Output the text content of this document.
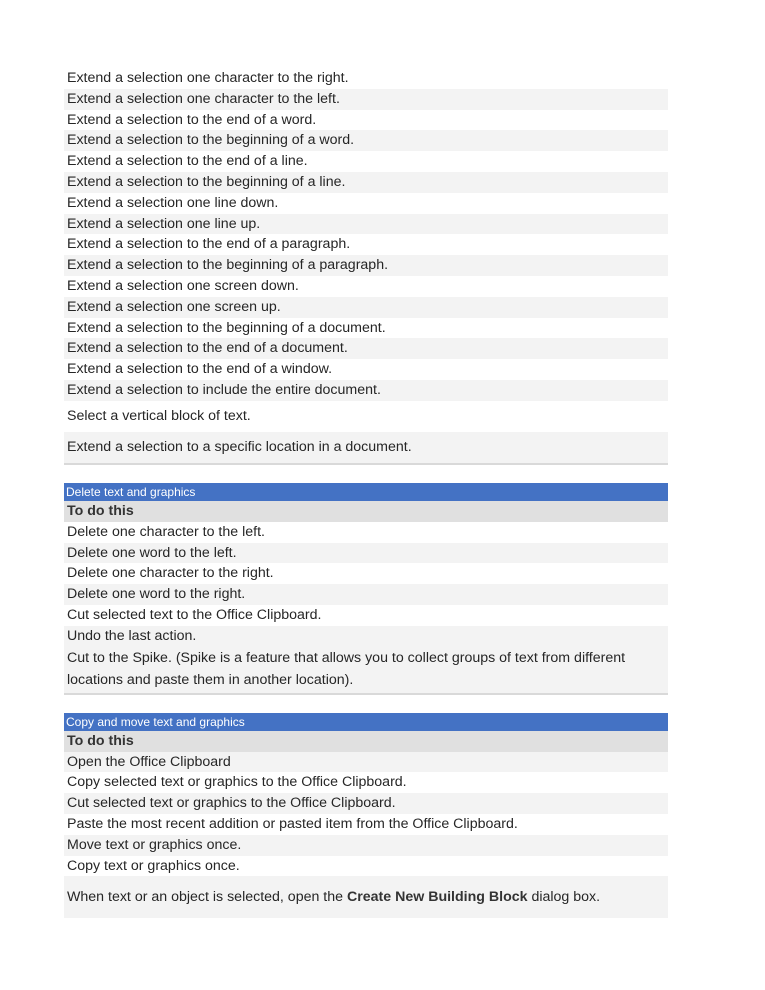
Extend a selection one character to the right.
Extend a selection one character to the left.
Extend a selection to the end of a word.
Extend a selection to the beginning of a word.
Extend a selection to the end of a line.
Extend a selection to the beginning of a line.
Extend a selection one line down.
Extend a selection one line up.
Extend a selection to the end of a paragraph.
Extend a selection to the beginning of a paragraph.
Extend a selection one screen down.
Extend a selection one screen up.
Extend a selection to the beginning of a document.
Extend a selection to the end of a document.
Extend a selection to the end of a window.
Extend a selection to include the entire document.
Select a vertical block of text.
Extend a selection to a specific location in a document.
Delete text and graphics
To do this
Delete one character to the left.
Delete one word to the left.
Delete one character to the right.
Delete one word to the right.
Cut selected text to the Office Clipboard.
Undo the last action.
Cut to the Spike. (Spike is a feature that allows you to collect groups of text from different locations and paste them in another location).
Copy and move text and graphics
To do this
Open the Office Clipboard
Copy selected text or graphics to the Office Clipboard.
Cut selected text or graphics to the Office Clipboard.
Paste the most recent addition or pasted item from the Office Clipboard.
Move text or graphics once.
Copy text or graphics once.
When text or an object is selected, open the Create New Building Block dialog box.
